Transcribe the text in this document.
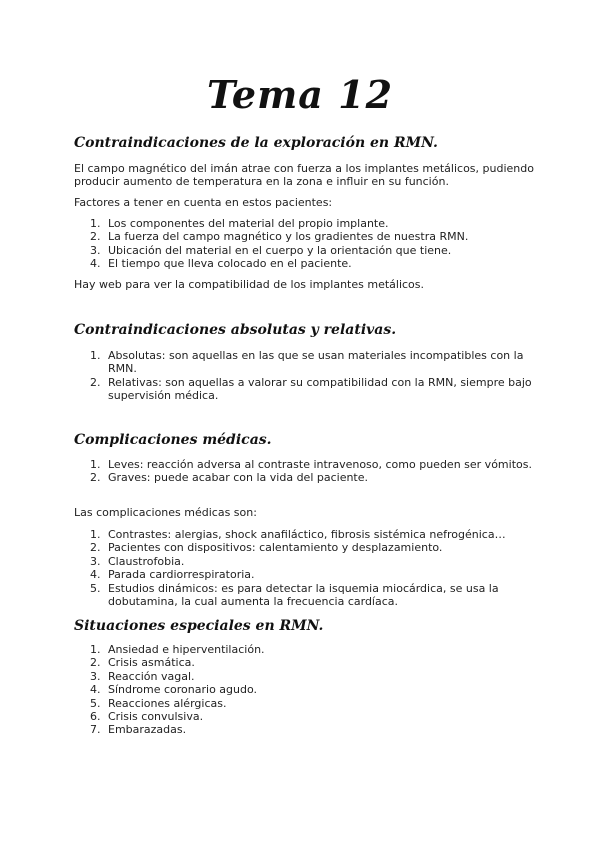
Tema 12
Contraindicaciones de la exploración en RMN.

El campo magnético del imán atrae con fuerza a los implantes metálicos, pudiendo producir aumento de temperatura en la zona e influir en su función.

Factores a tener en cuenta en estos pacientes:

1. Los componentes del material del propio implante.
2. La fuerza del campo magnético y los gradientes de nuestra RMN.
3. Ubicación del material en el cuerpo y la orientación que tiene.
4. El tiempo que lleva colocado en el paciente.

Hay web para ver la compatibilidad de los implantes metálicos.

Contraindicaciones absolutas y relativas.
1. Absolutas: son aquellas en las que se usan materiales incompatibles con la RMN.
2. Relativas: son aquellas a valorar su compatibilidad con la RMN, siempre bajo supervisión médica.
Complicaciones médicas.
1. Leves: reacción adversa al contraste intravenoso, como pueden ser vómitos.
2. Graves: puede acabar con la vida del paciente.

Las complicaciones médicas son:

1. Contrastes: alergias, shock anafiláctico, fibrosis sistémica nefrogénica…
2. Pacientes con dispositivos: calentamiento y desplazamiento.
3. Claustrofobia.
4. Parada cardiorrespiratoria.
5. Estudios dinámicos: es para detectar la isquemia miocárdica, se usa la dobutamina, la cual aumenta la frecuencia cardíaca.
Situaciones especiales en RMN.
1. Ansiedad e hiperventilación.
2. Crisis asmática.
3. Reacción vagal.
4. Síndrome coronario agudo.
5. Reacciones alérgicas.
6. Crisis convulsiva.
7. Embarazadas.
